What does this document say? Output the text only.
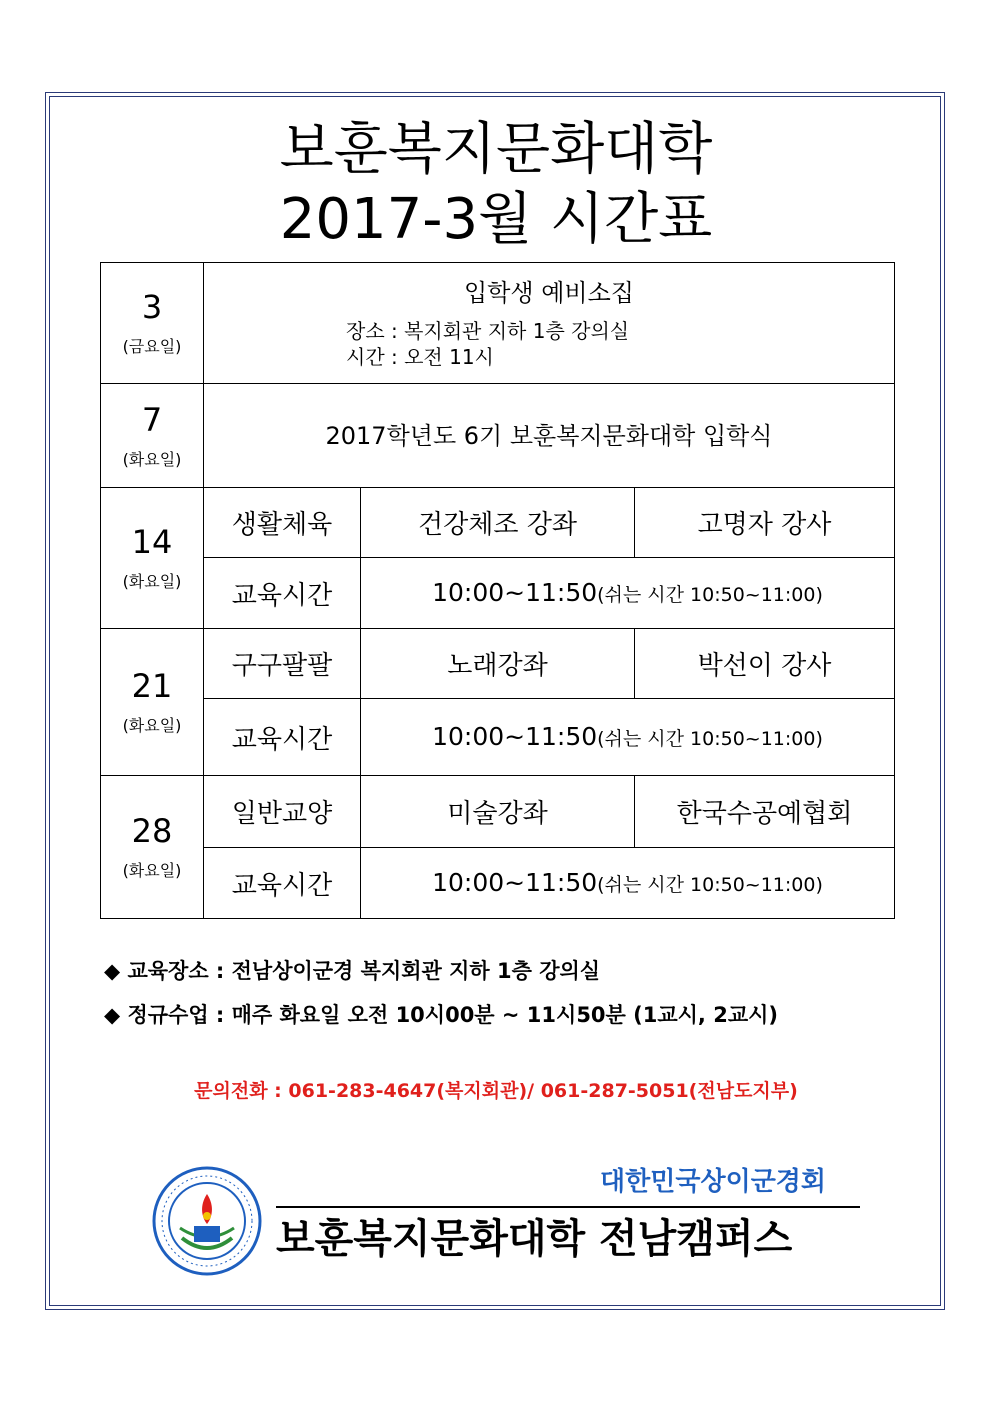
보훈복지문화대학
2017-3월 시간표
3
(금요일)	입학생 예비소집
장소 : 복지회관 지하 1층 강의실
시간 : 오전 11시		

7
(화요일)	2017학년도 6기 보훈복지문화대학 입학식		

14
(화요일)	생활체육	건강체조 강좌	고명자 강사
	교육시간	10:00~11:50(쉬는 시간 10:50~11:00)	

21
(화요일)	구구팔팔	노래강좌	박선이 강사
	교육시간	10:00~11:50(쉬는 시간 10:50~11:00)	

28
(화요일)	일반교양	미술강좌	한국수공예협회
	교육시간	10:00~11:50(쉬는 시간 10:50~11:00)	
◆ 교육장소 : 전남상이군경 복지회관 지하 1층 강의실
◆ 정규수업 : 매주 화요일 오전 10시00분 ~ 11시50분 (1교시, 2교시)
문의전화 : 061-283-4647(복지회관)/ 061-287-5051(전남도지부)
대한민국상이군경회
보훈복지문화대학 전남캠퍼스
